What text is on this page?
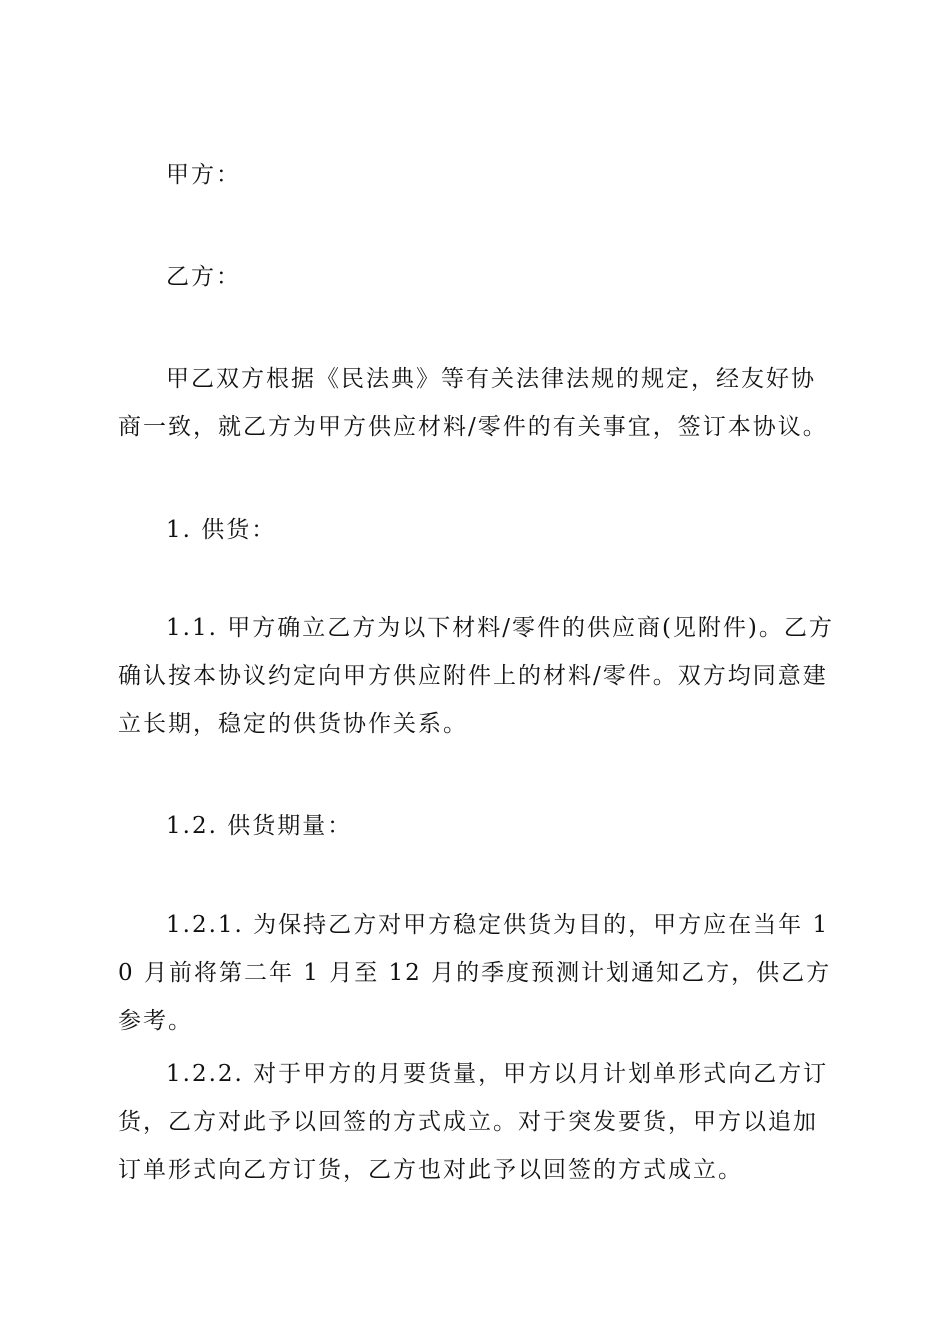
甲方：

乙方：

甲乙双方根据《民法典》等有关法律法规的规定，经友好协商一致，就乙方为甲方供应材料/零件的有关事宜，签订本协议。

1. 供货：

1.1. 甲方确立乙方为以下材料/零件的供应商(见附件)。乙方确认按本协议约定向甲方供应附件上的材料/零件。双方均同意建立长期，稳定的供货协作关系。

1.2. 供货期量：

1.2.1. 为保持乙方对甲方稳定供货为目的，甲方应在当年 10 月前将第二年 1 月至 12 月的季度预测计划通知乙方，供乙方参考。

1.2.2. 对于甲方的月要货量，甲方以月计划单形式向乙方订货，乙方对此予以回签的方式成立。对于突发要货，甲方以追加订单形式向乙方订货，乙方也对此予以回签的方式成立。
